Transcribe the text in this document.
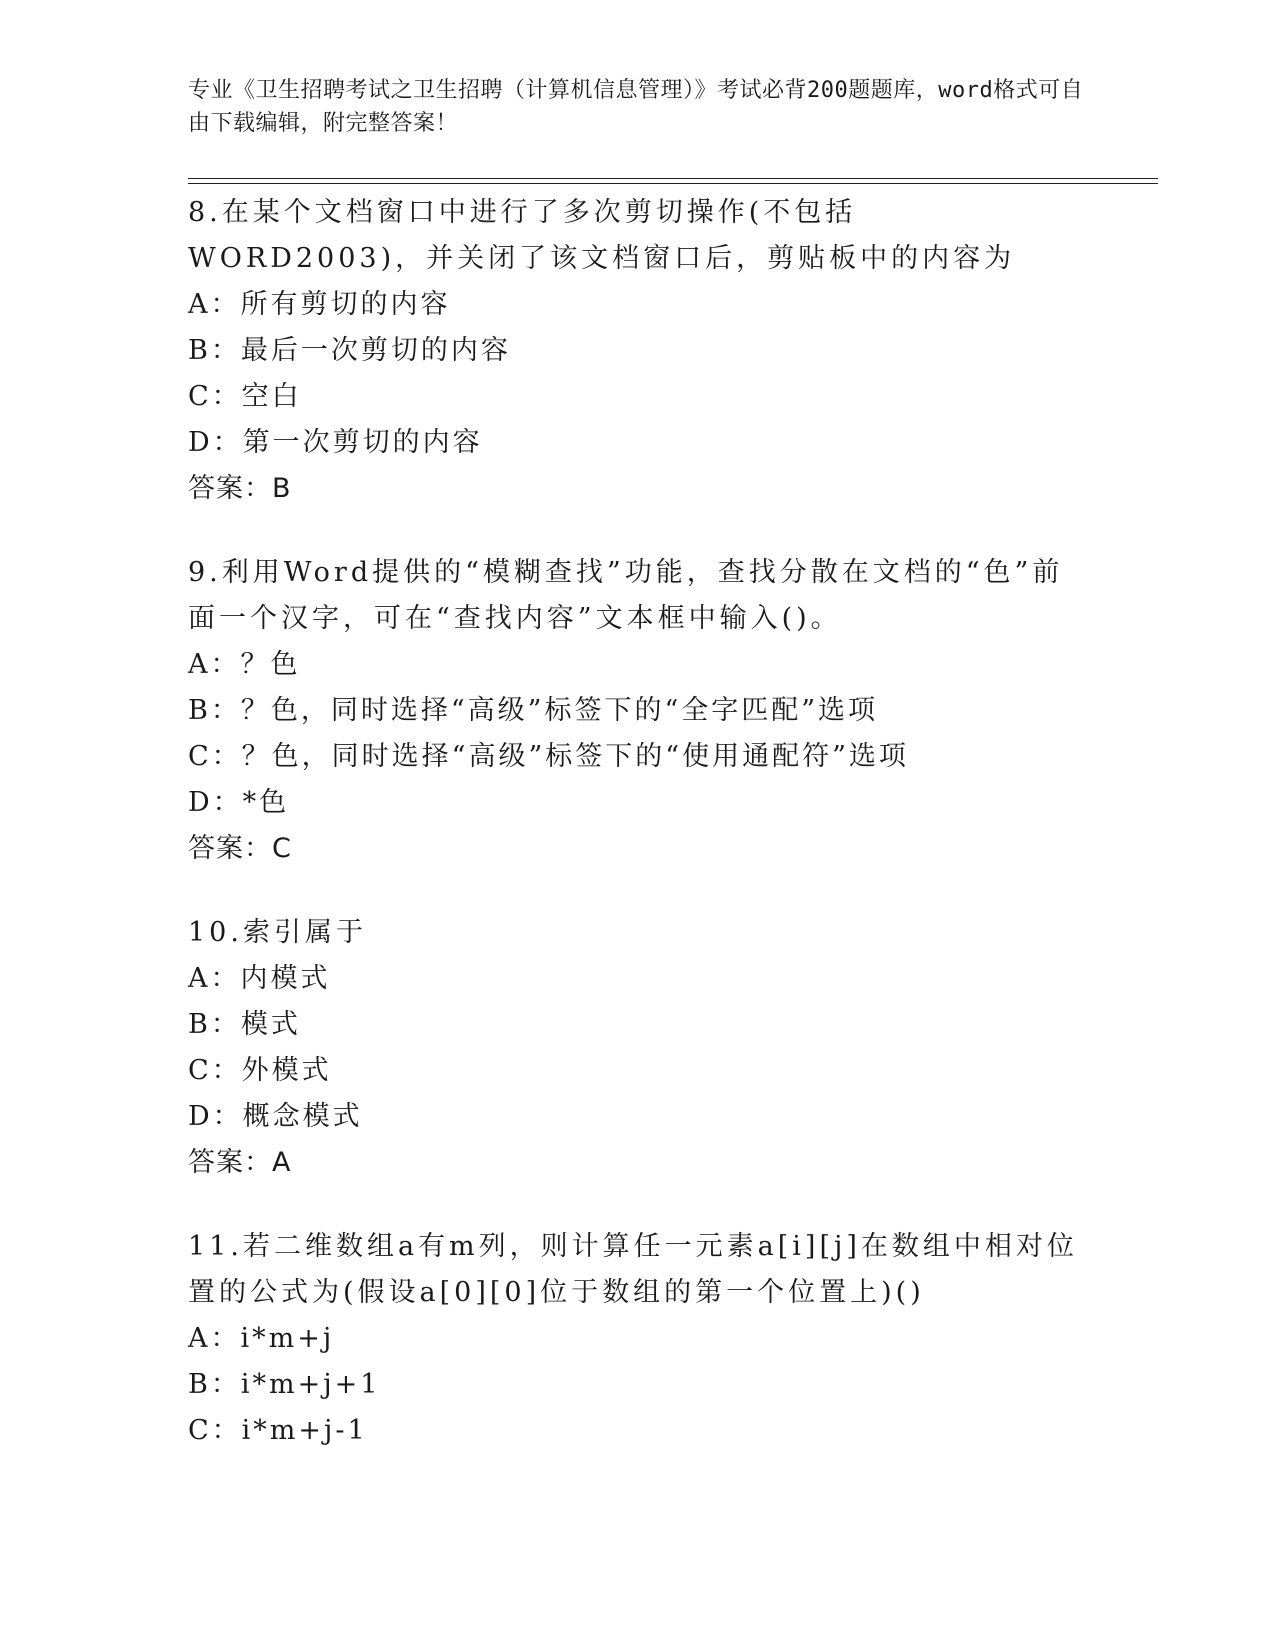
专业《卫生招聘考试之卫生招聘（计算机信息管理）》考试必背200题题库，word格式可自由下载编辑，附完整答案！

8.在某个文档窗口中进行了多次剪切操作(不包括WORD2003)，并关闭了该文档窗口后，剪贴板中的内容为

A：所有剪切的内容

B：最后一次剪切的内容

C：空白

D：第一次剪切的内容

答案：B

9.利用Word提供的“模糊查找”功能，查找分散在文档的“色”前面一个汉字，可在“查找内容”文本框中输入()。

A：？色

B：？色，同时选择“高级”标签下的“全字匹配”选项

C：？色，同时选择“高级”标签下的“使用通配符”选项

D：*色

答案：C

10.索引属于

A：内模式

B：模式

C：外模式

D：概念模式

答案：A

11.若二维数组a有m列，则计算任一元素a[i][j]在数组中相对位置的公式为(假设a[0][0]位于数组的第一个位置上)()

A：i*m+j

B：i*m+j+1

C：i*m+j-1
